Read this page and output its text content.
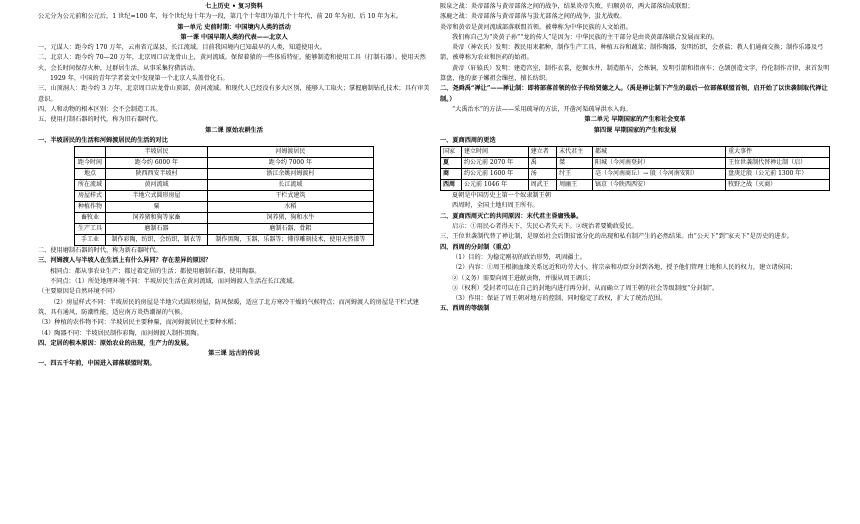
七上历史 • 复习资料
公元分为公元前和公元后，1 世纪=100 年，每个世纪每十年为一段，第几个十年即为第几个十年代，前 20 年为初，后 10 年为末。
第一单元 史前时期：中国境内人类的活动
第一课 中国早期人类的代表——北京人
一、元谋人：距今约 170 万年，云南省元谋县，长江流域。目前我国境内已知最早的人类，知道使用火。
二、北京人：距今约 70—20 万年，北京周口店龙骨山上，黄河流域。保留着猿的一些体质特征，能够制造和使用工具（打制石器）。使用天然火，会长时间保存火种，过群居生活，从事采集狩猎活动。
1929 年，中国的青年学者裴文中发现第一个北京人头盖骨化石。
三、山顶洞人：距今约 3 万年，北京周口店龙骨山顶部，黄河流域。和现代人已经没有多大区别，能够人工取火；掌握磨制钻孔技术；具有审美意识。
四、人和动物的根本区别：会不会制造工具。
五、使用打制石器的时代，称为旧石器时代。
第二课 原始农耕生活
一、半坡居民的生活和河姆渡居民的生活的对比
	半坡居民	河姆渡居民
距今时间	距今约 6000 年	距今约 7000 年
地点	陕西西安半坡村	浙江余姚河姆渡村
所在流域	黄河流域	长江流域
房屋样式	半地穴式圆形房屋	干栏式建筑
种植作物	粟	水稻
畜牧业	饲养猪和狗等家畜	饲养猪，狗和水牛
生产工具	磨制石器	磨制石器，骨耜
手工业	制作彩陶，纺织，会纺织，制衣等	制作黑陶，玉器，乐器等；懂得雕刻技术，使用天然漆等
二、使用磨制石器的时代，称为新石器时代。
三、河姆渡人与半坡人在生活上有什么异同？存在差异的原因？
相同点：都从事农业生产；都过着定居的生活；都使用磨制石器，使用陶器。
不同点：（1）所处地理环境不同：半坡居民生活在黄河流域，而河姆渡人生活在长江流域。
（主要原因是自然环境不同）
（2）房屋样式不同：半坡居民的房屋是半地穴式圆形房屋，防风保暖，适应了北方寒冷干燥的气候特点；而河姆渡人的房屋是干栏式建筑，具有通风，防潮性能，适应南方炎热潮湿的气候。
（3）种植的农作物不同：半坡居民主要种粟，而河姆渡居民主要种水稻；
（4）陶器不同：半坡居民制作彩陶，而河姆渡人制作黑陶。
四、定居的根本原因：原始农业的出现，生产力的发展。
第三课 远古的传说
一、四五千年前，中国进入部落联盟时期。
阪泉之战：炎帝部落与黄帝部落之间的战争，结果炎帝失败，归顺黄帝，两大部落结成联盟；
涿鹿之战：炎帝部落与黄帝部落与蚩尤部落之间的战争，蚩尤战败。
炎帝和黄帝是黄河流域部落联盟首领，被尊称为中华民族的人文始祖。
我们称自己为“炎黄子孙”“龙的传人”是因为：中华民族的主干部分是由炎黄部落联合发展而来的。
炎帝（神农氏）发明：教民用耒耜种，制作生产工具，种植五谷和蔬菜；制作陶器，发明纺织，会煮盐；教人们通商交换；制作乐器及弓箭，被尊称为农业和医药的始祖。
黄帝（轩辕氏）发明：建造宫室，制作衣裳，挖掘水井，制造船车，会炼铜，发明引箭和指南车；仓颉创造文字，伶伦制作音律，隶首发明算盘，他的妻子嫘祖会缫丝，擅长纺织。
二、尧舜禹“禅让”——禅让制：即将部落首领的位子传给贤德之人。（禹是禅让制下产生的最后一位部落联盟首领，启开始了以世袭制取代禅让制。）
“大禹治水”的方法——采用疏导的方法，开凿河渠疏导洪水入海。
第二单元 早期国家的产生和社会变革
第四课 早期国家的产生和发展
一、夏商西周的更迭
国家	建立时间	建立者	末代君主	都城	重大事件
夏	约公元前 2070 年	禹	桀	阳城（今河南登封）	王位世袭制代替禅让制（启）
商	约公元前 1600 年	汤	纣王	亳（今河南商丘）→ 殷（今河南安阳）	盘庚迁殷（公元前 1300 年）
西周	公元前 1046 年	周武王	周幽王	镐京（今陕西西安）	牧野之战（灭商）
夏朝是中国历史上第一个奴隶制王朝
西周时，全国土地归周王所有。
二、夏商西周灭亡的共同原因：末代君主昏庸残暴。
启示：①用民心者得天下，失民心者失天下。②统治者要勤政爱民。
三、王位世袭制代替了禅让制，是原始社会后期贫富分化的出现和私有制产生的必然结果。由“公天下”到“家天下”是历史的进步。
四、西周的分封制（重点）
（1）目的：为稳定刚初的政治形势，巩固疆土。
（2）内容：①周王根据血缘关系远近和功劳大小，将宗亲和功臣分封到各地，授予他们管理土地和人民的权力，建立诸侯国；
②（义务）需要向周王进献贡物，并服从周王调兵；
③（权利）受封者可以在自己的封地内进行再分封，从而确立了周王朝的社会等级制度“分封制”。
（3）作用：保证了周王朝对地方的控制，同时稳定了政权，扩大了统治范围。
五、西周的等级制
